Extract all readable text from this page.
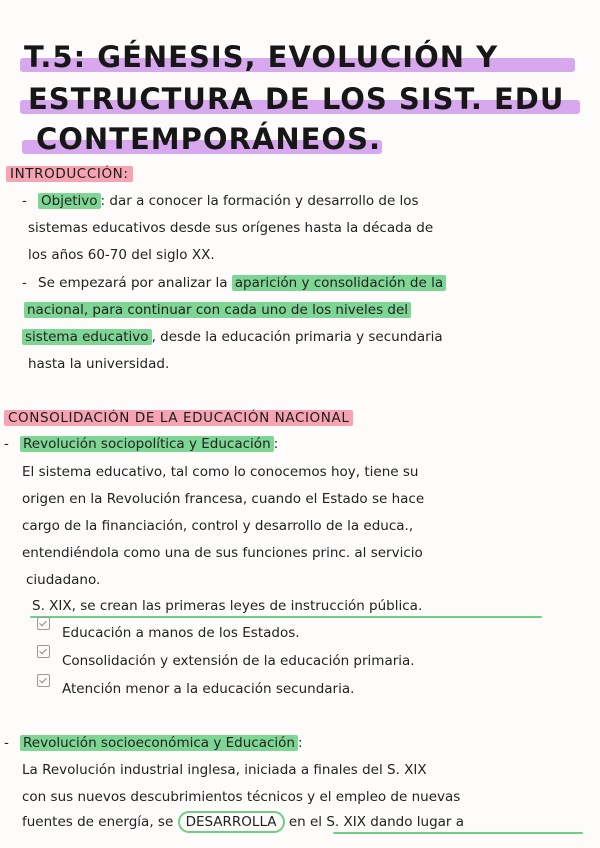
T.5: GÉNESIS, EVOLUCIÓN Y
ESTRUCTURA DE LOS SIST. EDU
CONTEMPORÁNEOS.
INTRODUCCIÓN:
- Objetivo : dar a conocer la formación y desarrollo de los
sistemas educativos desde sus orígenes hasta la década de
los años 60-70 del siglo XX.
- Se empezará por analizar la aparición y consolidación de la
nacional, para continuar con cada uno de los niveles del
sistema educativo , desde la educación primaria y secundaria
hasta la universidad.
CONSOLIDACIÓN DE LA EDUCACIÓN NACIONAL
- Revolución sociopolítica y Educación :
El sistema educativo, tal como lo conocemos hoy, tiene su
origen en la Revolución francesa, cuando el Estado se hace
cargo de la financiación, control y desarrollo de la educa.,
entendiéndola como una de sus funciones princ. al servicio
ciudadano.
S. XIX, se crean las primeras leyes de instrucción pública.
Educación a manos de los Estados.
Consolidación y extensión de la educación primaria.
Atención menor a la educación secundaria.
- Revolución socioeconómica y Educación :
La Revolución industrial inglesa, iniciada a finales del S. XIX
con sus nuevos descubrimientos técnicos y el empleo de nuevas
fuentes de energía, se DESARROLLA en el S. XIX dando lugar a
